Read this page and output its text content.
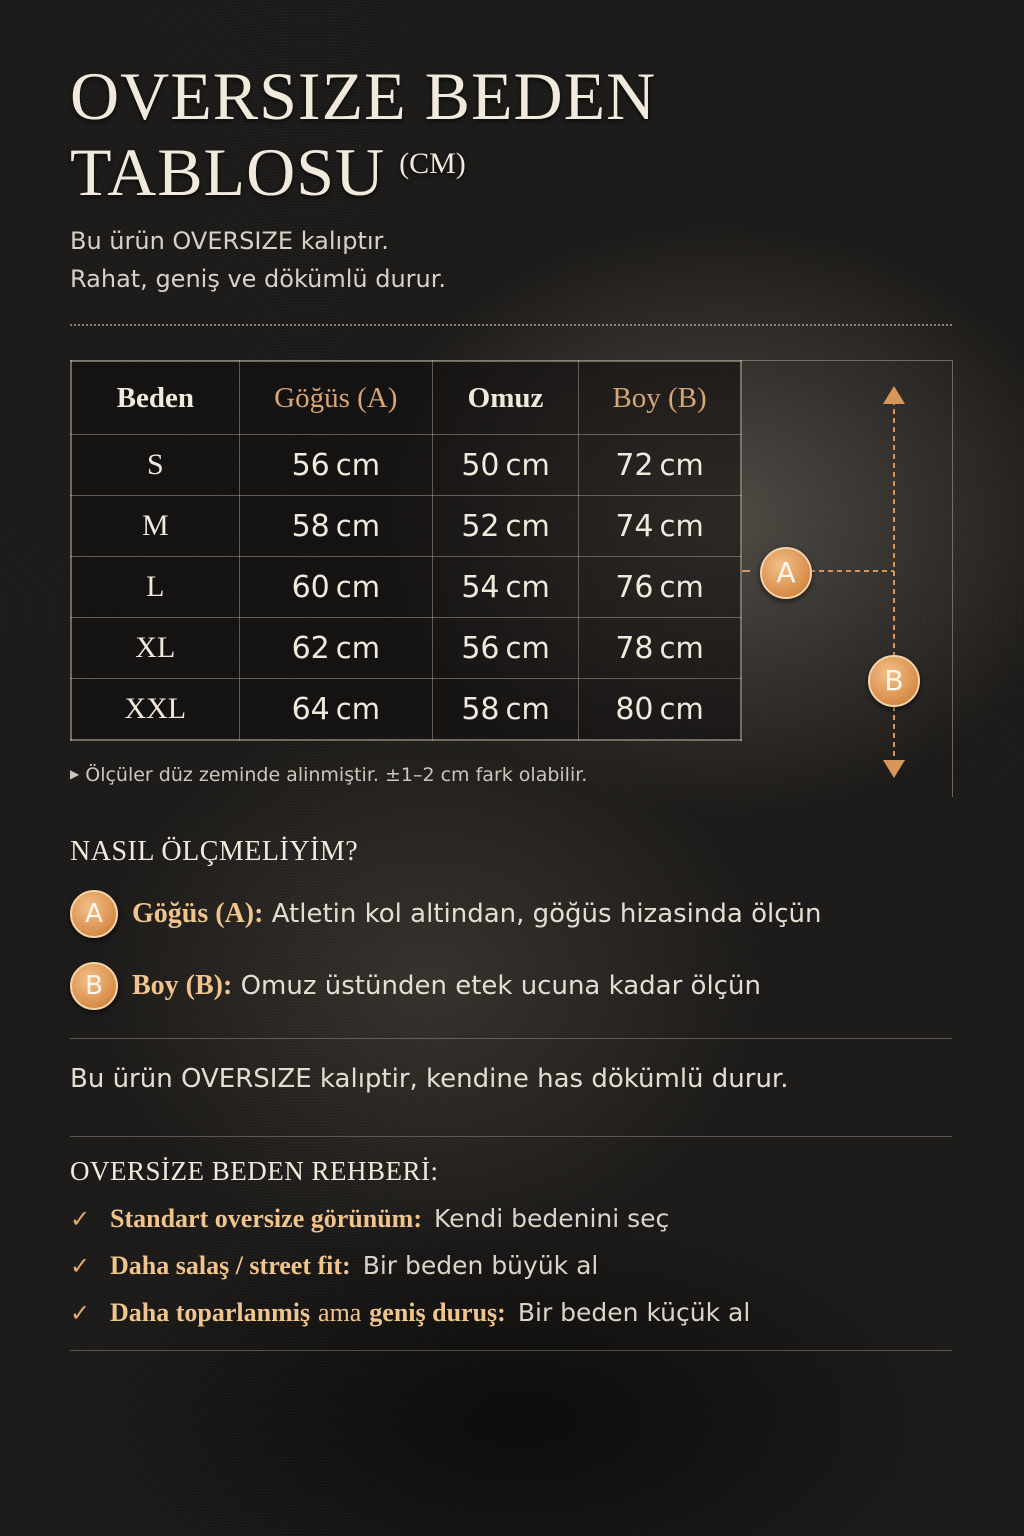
OVERSIZE BEDEN
TABLOSU $^{(CM)}$
Bu ürün OVERSIZE kalıptır.
Rahat, geniş ve dökümlü durur.
Beden	Göğüs (A)	Omuz	Boy (B)
S	56 cm	50 cm	72 cm
M	58 cm	52 cm	74 cm
L	60 cm	54 cm	76 cm
XL	62 cm	56 cm	78 cm
XXL	64 cm	58 cm	80 cm
A
B
▶ Ölçüler düz zeminde alinmiştir. ±1–2 cm fark olabilir.
NASIL ÖLÇMELİYİM?
A Göğüs (A): Atletin kol altindan, göğüs hizasinda ölçün
B Boy (B): Omuz üstünden etek ucuna kadar ölçün
Bu ürün OVERSIZE kalıptir, kendine has dökümlü durur.
OVERSİZE BEDEN REHBERİ:
✓ Standart oversize görünüm: Kendi bedenini seç
✓ Daha salaş / street fit: Bir beden büyük al
✓ Daha toparlanmiş ama geniş duruş: Bir beden küçük al
